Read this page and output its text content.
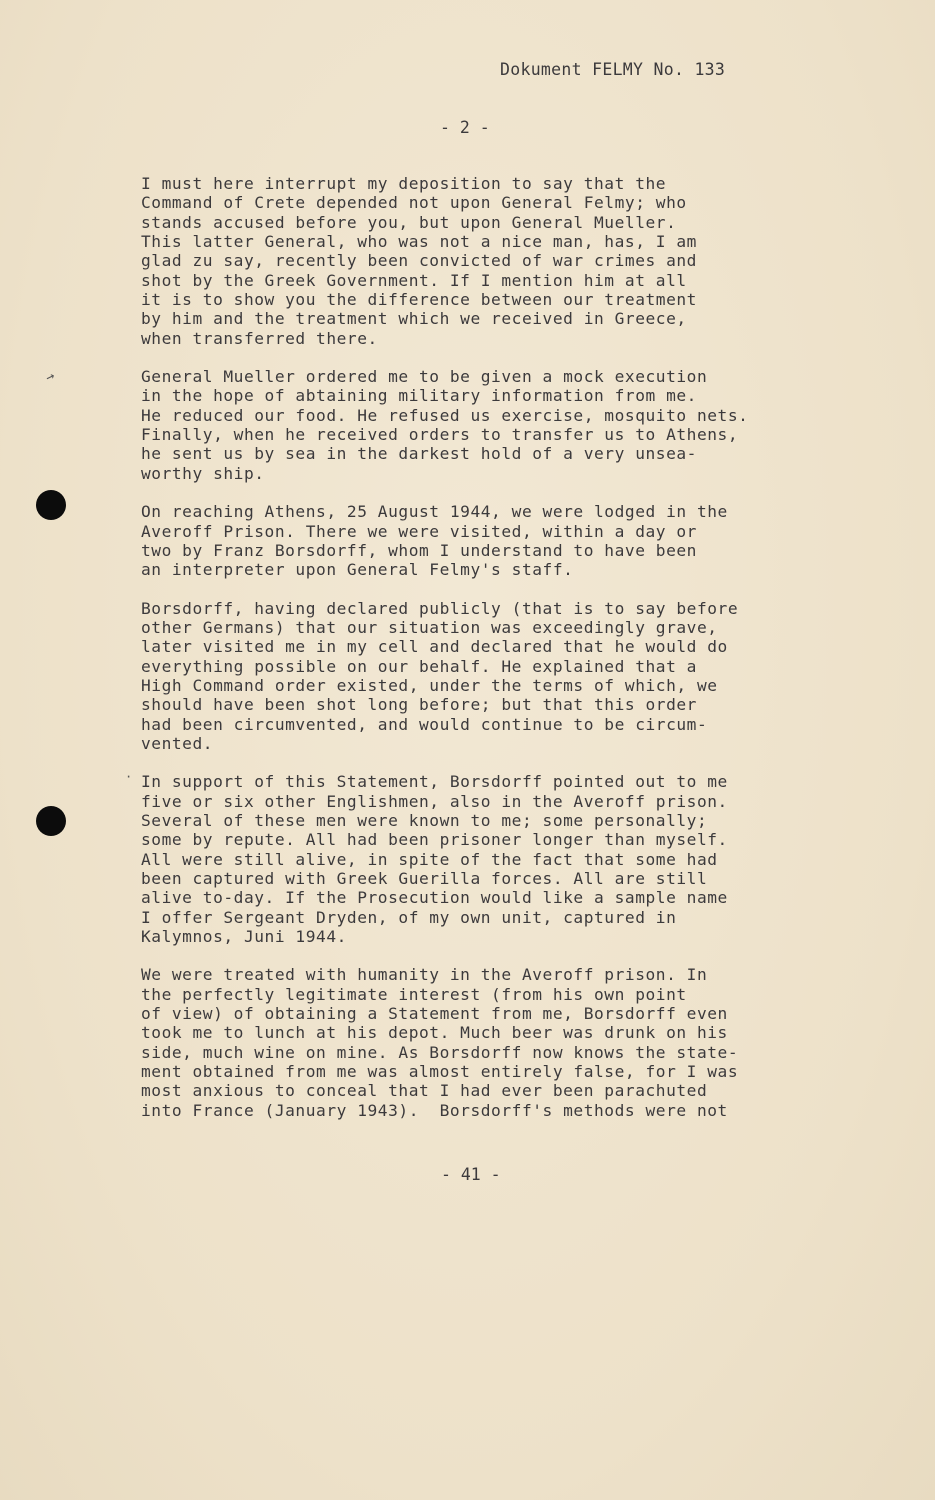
Dokument FELMY No. 133
- 2 -
→
·
I must here interrupt my deposition to say that the
Command of Crete depended not upon General Felmy; who
stands accused before you, but upon General Mueller.
This latter General, who was not a nice man, has, I am
glad zu say, recently been convicted of war crimes and
shot by the Greek Government. If I mention him at all
it is to show you the difference between our treatment
by him and the treatment which we received in Greece,
when transferred there.
General Mueller ordered me to be given a mock execution
in the hope of abtaining military information from me.
He reduced our food. He refused us exercise, mosquito nets.
Finally, when he received orders to transfer us to Athens,
he sent us by sea in the darkest hold of a very unsea-
worthy ship.
On reaching Athens, 25 August 1944, we were lodged in the
Averoff Prison. There we were visited, within a day or
two by Franz Borsdorff, whom I understand to have been
an interpreter upon General Felmy's staff.
Borsdorff, having declared publicly (that is to say before
other Germans) that our situation was exceedingly grave,
later visited me in my cell and declared that he would do
everything possible on our behalf. He explained that a
High Command order existed, under the terms of which, we
should have been shot long before; but that this order
had been circumvented, and would continue to be circum-
vented.
In support of this Statement, Borsdorff pointed out to me
five or six other Englishmen, also in the Averoff prison.
Several of these men were known to me; some personally;
some by repute. All had been prisoner longer than myself.
All were still alive, in spite of the fact that some had
been captured with Greek Guerilla forces. All are still
alive to-day. If the Prosecution would like a sample name
I offer Sergeant Dryden, of my own unit, captured in
Kalymnos, Juni 1944.
We were treated with humanity in the Averoff prison. In
the perfectly legitimate interest (from his own point
of view) of obtaining a Statement from me, Borsdorff even
took me to lunch at his depot. Much beer was drunk on his
side, much wine on mine. As Borsdorff now knows the state-
ment obtained from me was almost entirely false, for I was
most anxious to conceal that I had ever been parachuted
into France (January 1943).  Borsdorff's methods were not
- 41 -
